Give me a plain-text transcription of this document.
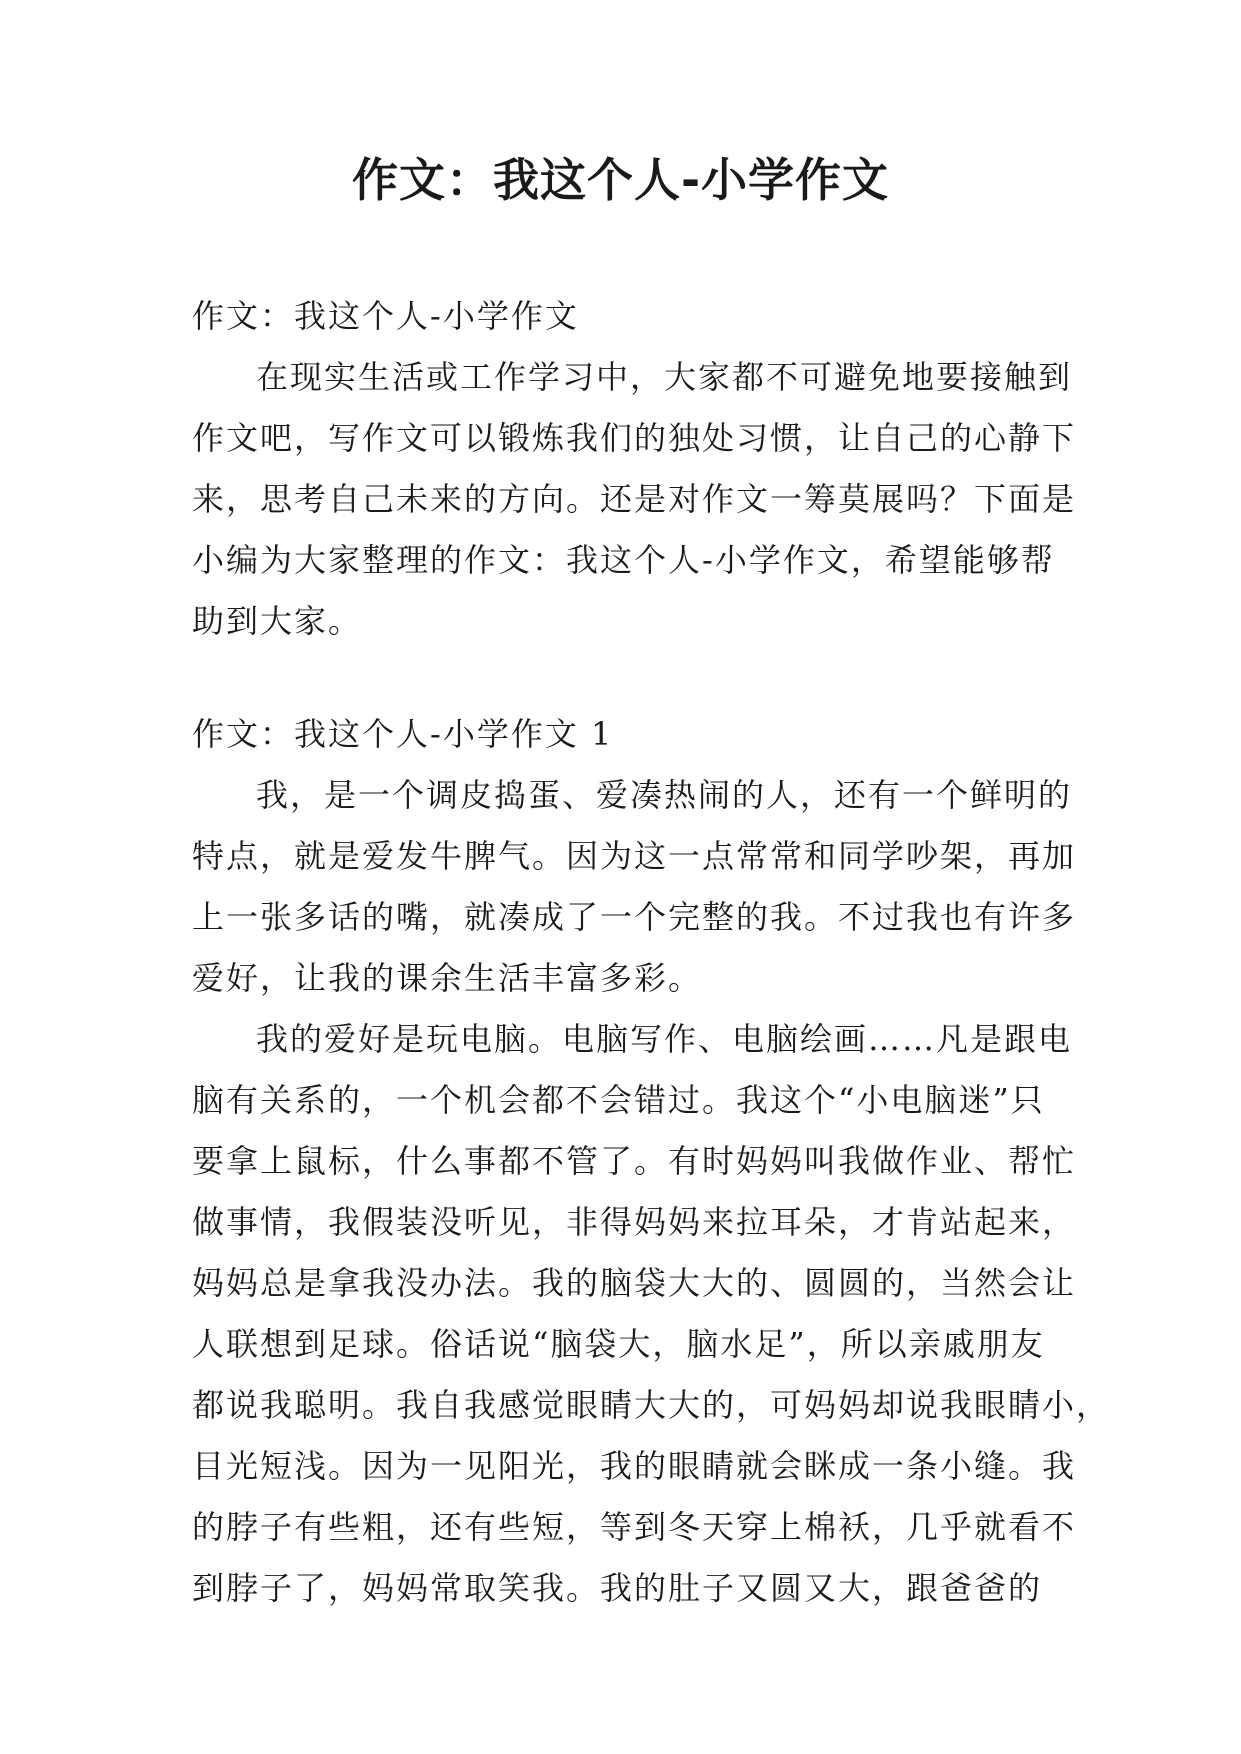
作文：我这个人-小学作文
作文：我这个人-小学作文
在现实生活或工作学习中，大家都不可避免地要接触到
作文吧，写作文可以锻炼我们的独处习惯，让自己的心静下
来，思考自己未来的方向。还是对作文一筹莫展吗？下面是
小编为大家整理的作文：我这个人-小学作文，希望能够帮
助到大家。
作文：我这个人-小学作文 1
我，是一个调皮捣蛋、爱凑热闹的人，还有一个鲜明的
特点，就是爱发牛脾气。因为这一点常常和同学吵架，再加
上一张多话的嘴，就凑成了一个完整的我。不过我也有许多
爱好，让我的课余生活丰富多彩。
我的爱好是玩电脑。电脑写作、电脑绘画……凡是跟电
脑有关系的，一个机会都不会错过。我这个“小电脑迷”只
要拿上鼠标，什么事都不管了。有时妈妈叫我做作业、帮忙
做事情，我假装没听见，非得妈妈来拉耳朵，才肯站起来，
妈妈总是拿我没办法。我的脑袋大大的、圆圆的，当然会让
人联想到足球。俗话说“脑袋大，脑水足”，所以亲戚朋友
都说我聪明。我自我感觉眼睛大大的，可妈妈却说我眼睛小，
目光短浅。因为一见阳光，我的眼睛就会眯成一条小缝。我
的脖子有些粗，还有些短，等到冬天穿上棉袄，几乎就看不
到脖子了，妈妈常取笑我。我的肚子又圆又大，跟爸爸的
